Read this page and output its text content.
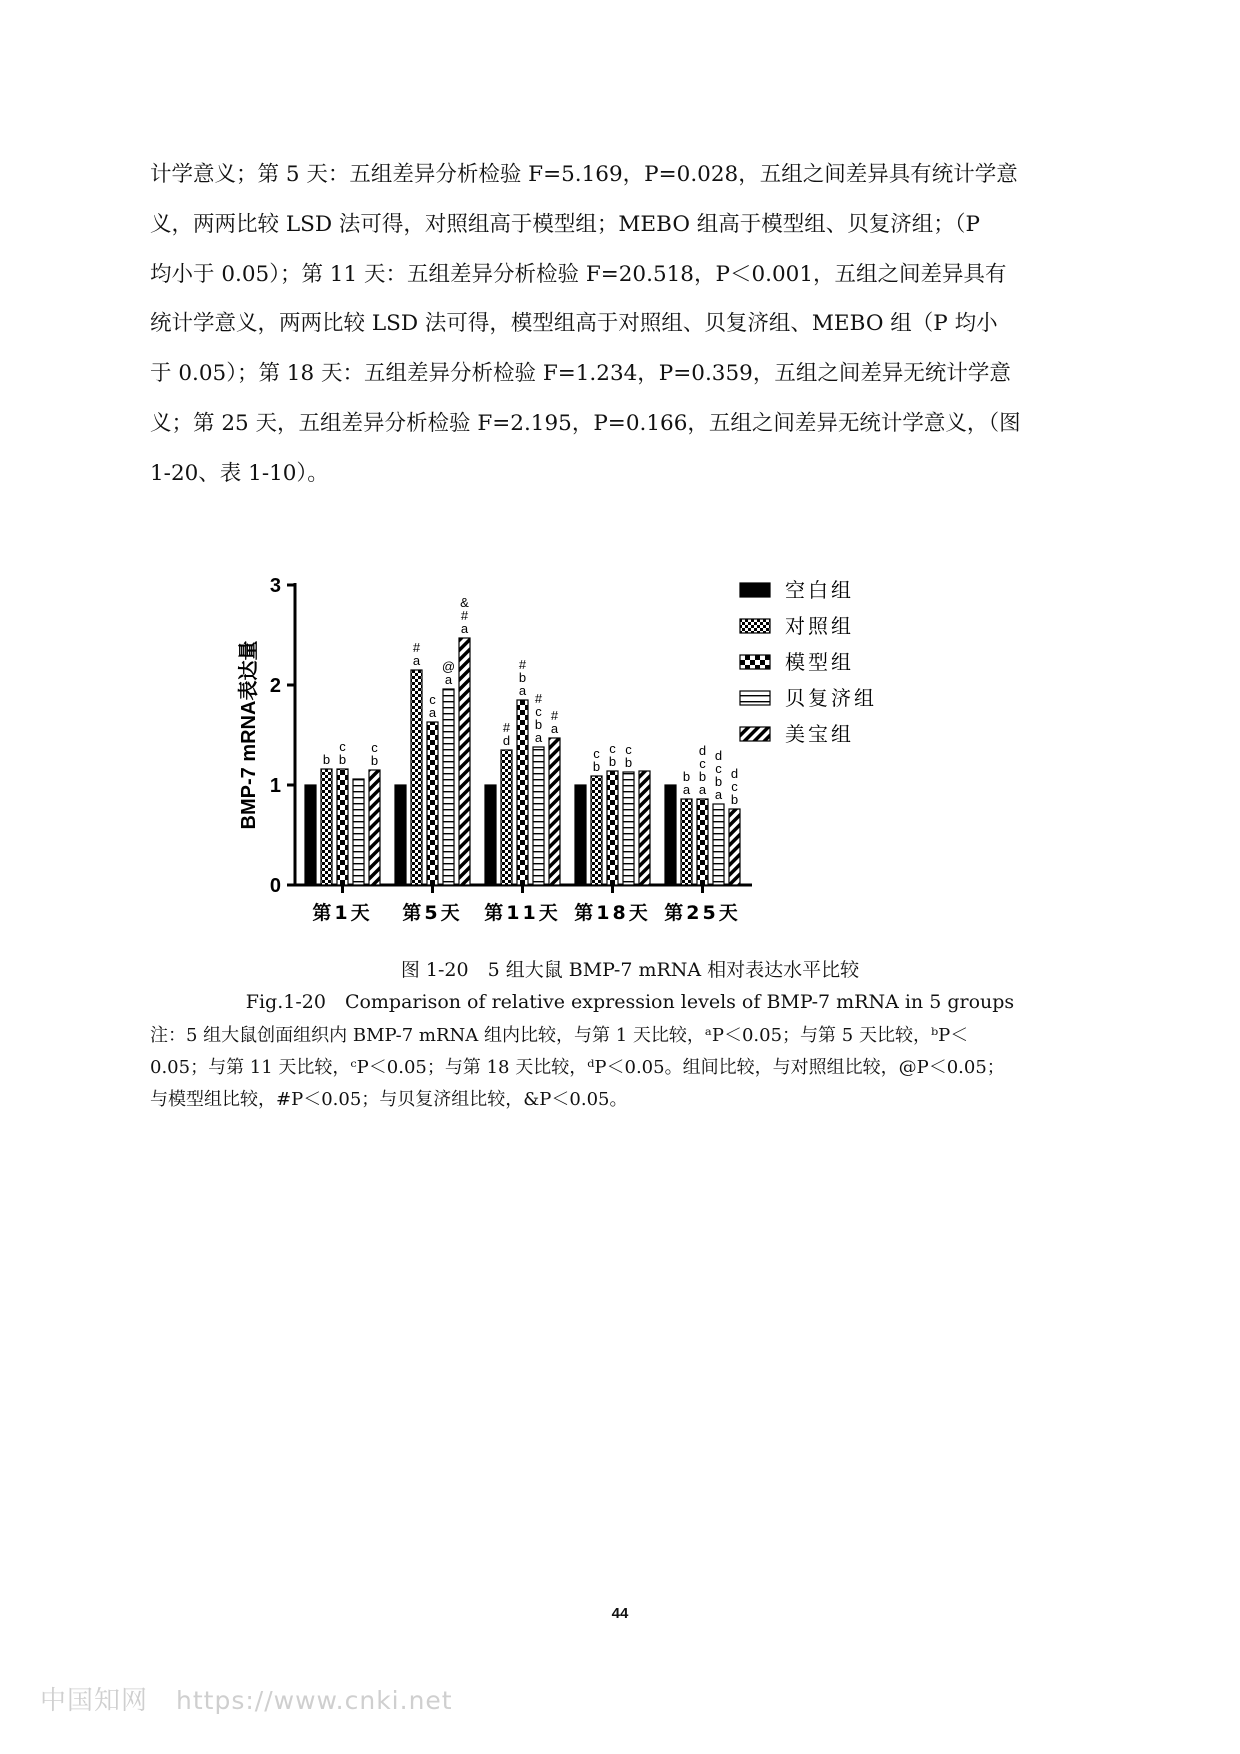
计学意义；第 5 天：五组差异分析检验 F=5.169，P=0.028，五组之间差异具有统计学意

义，两两比较 LSD 法可得，对照组高于模型组；MEBO 组高于模型组、贝复济组；（P

均小于 0.05）；第 11 天：五组差异分析检验 F=20.518，P＜0.001，五组之间差异具有

统计学意义，两两比较 LSD 法可得，模型组高于对照组、贝复济组、MEBO 组（P 均小

于 0.05）；第 18 天：五组差异分析检验 F=1.234，P=0.359，五组之间差异无统计学意

义；第 25 天，五组差异分析检验 F=2.195，P=0.166，五组之间差异无统计学意义，（图

1-20、表 1-10）。

0
1
2
3
BMP-7 mRNA表达量
第1天 第5天 第11天 第18天 第25天
b b
c
b
c
a
#
a
c
a
@
a
#
&
d
#
a
b
#
a
b
c
#
a
#
b
c
b
c
b
c
a
b
a
b
c
d
a
b
c
d
b
c
d
空白组
对照组
模型组
贝复济组
美宝组
图 1-20　5 组大鼠 BMP-7 mRNA 相对表达水平比较
Fig.1-20　Comparison of relative expression levels of BMP-7 mRNA in 5 groups

注：5 组大鼠创面组织内 BMP-7 mRNA 组内比较，与第 1 天比较，ᵃP＜0.05；与第 5 天比较，ᵇP＜

0.05；与第 11 天比较，ᶜP＜0.05；与第 18 天比较，ᵈP＜0.05。组间比较，与对照组比较，@P＜0.05；

与模型组比较，#P＜0.05；与贝复济组比较，&P＜0.05。

44
中国知网 https://www.cnki.net
